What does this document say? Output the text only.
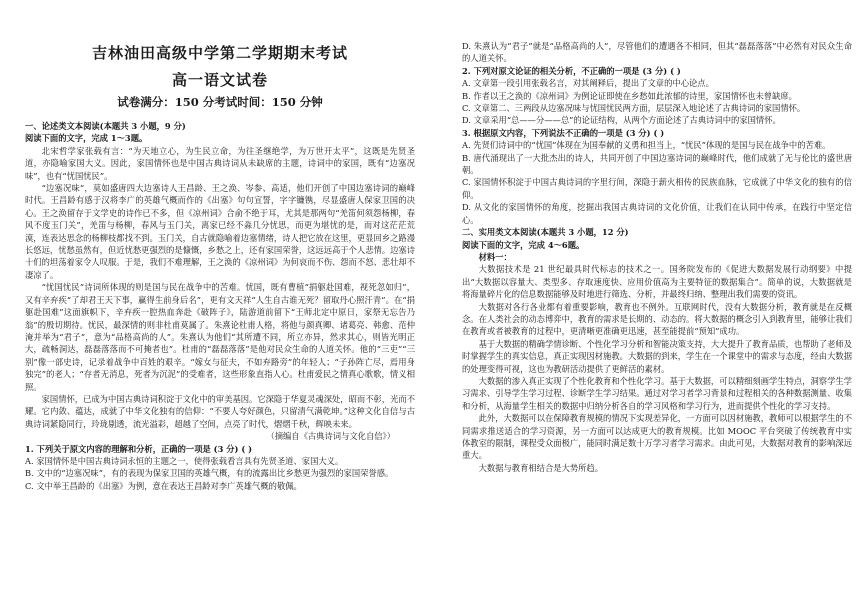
吉林油田高级中学第二学期期末考试
高一语文试卷
试卷满分：150 分考试时间：150 分钟
一、论述类文本阅读(本题共 3 小题，9 分)
阅读下面的文字，完成 1～3题。

北宋哲学家张载有言：“为天地立心，为生民立命，为往圣继绝学，为万世开太平”，这既是先贤圣道，亦隐喻家国大义。因此，家国情怀也是中国古典诗词从未缺席的主题，诗词中的家国，既有“边塞况味”，也有“忧国忧民”。

“边塞况味”，莫如盛唐四大边塞诗人王昌龄、王之涣、岑参、高适，他们开创了中国边塞诗词的巅峰时代。王昌龄有感于汉将李广的英雄气概而作的《出塞》句句宣誓，字字镰镌，尽显盛唐人保家卫国的决心。王之涣留存于文学史的诗作已不多，但《凉州词》合俞不绝于耳，尤其是那两句“羌笛何须怨杨柳，春风不度玉门关”，羌笛与杨柳，春风与玉门关，离家已经不淼几分忧思，而更为堪忧的是，而对这茫茫荒漠，连表达思念的杨柳枝都找不到。玉门关，自古就隐喻着边塞情绪，诗人把它放在这里，更显回乡之路漫长悠远，忧愁虽然有，但近忧愁更强烈的是慷慨，乡愁之上，还有家国荣誉，这远远高于个人悲情。边塞诗十们的坦荡着家令人叹服。于是，我们不难理解，王之涣的《凉州词》为何哀而不伤、怨而不怒、悲壮却不凄凉了。

“忧国忧民”诗词所体现的则是国与民在战争中的苦难。忧国，既有曹植“捐躯赴国难，视死忽如归”，又有辛弃疾“了却君王天下事，赢得生前身后名”，更有文天祥“人生自古谁无死？留取丹心照汗青”。在“捐躯赴国难”这面旗帜下，辛弃疾一腔热血奔赴《破阵子》，陆游道前留下“王师北定中原日，家祭无忘告乃翁”的殷切期待。忧民，最深情的则非杜甫莫属了。朱熹论杜甫人格，将他与颜真卿、诸葛亮、韩愈、范仲淹并举为“君子”，意为“品格高尚的人”。朱熹认为他们“其所遭不同，所立亦异，然求其心，则皆光明正大，疏畅洞达，磊磊落落而不可掩者也”。杜甫的“磊磊落落”是他对民众生命的人道关怀。他的“三吏”“三别”像一部史诗，记录着战争中百姓的艰辛。“嫁女与征夫，不如弃路旁”的年轻人；“子孙阵亡尽，焉用身独完”的老人；“存者无消息，死者为沉泥”的受难者，这些形象直指人心。杜甫爱民之情真心歌歌，情义相照。

家国情怀，已成为中国古典诗词积淀于文化中的审美基因。它深隐于华夏灵魂深处，昭而不彰，光而不耀。它内敛、蕴达，成就了中华文化独有的信仰：“不要人夸好颜色，只留清气满乾坤。”这种文化自信与古典诗词紧隐同行，玲珑剔透，流光溢彩，超越了空间，点亮了时代，熠熠千秋，辉映未来。

（摘编自《古典诗词与文化自信》）
1. 下列关于原文内容的理解和分析，正确的一项是 (3 分) ( )
A. 家国情怀是中国古典诗词永恒的主题之一，使得张载看言具有先贤圣道、家国大义。
B. 文中的“边塞况味”，有的表现为保家卫国的英雄气概，有的流露出比乡愁更为强烈的家国荣誉感。
C. 文中举王昌龄的《出塞》为例，意在表达王昌龄对李广英雄气概的敬佩。
D. 朱熹认为“君子”就是“品格高尚的人”，尽管他们的遭遇各不相同，但其“磊磊落落”中必然有对民众生命的人道关怀。
2. 下列对原文论证的相关分析，不正确的一项是 (3 分) ( )
A. 文章第一段引用张载名言，对其阐释后，提出了文章的中心论点。
B. 作者以王之涣的《凉州词》为例论证即使在乡愁如此浓郁的诗里，家国情怀也未曾缺席。
C. 文章第二、三两段从边塞况味与忧国忧民两方面，层层深入地论述了古典诗词的家国情怀。
D. 文章采用“总——分——总”的论证结构，从两个方面论述了古典诗词中的家国情怀。
3. 根据原文内容，下列说法不正确的一项是 (3 分) ( )
A. 先贤们诗词中的“忧国”体现在为国奉献的义勇和担当上，“忧民”体现的是国与民在战争中的苦难。
B. 唐代涌现出了一大批杰出的诗人，共同开创了中国边塞诗词的巅峰时代，他们成就了无与伦比的盛世唐朝。
C. 家国情怀积淀于中国古典诗词的字里行间，深隐于薪火相传的民族血脉，它成就了中华文化的独有的信仰。
D. 从文化的家国情怀的角度，挖掘出我国古典诗词的文化价值，让我们在认同中传承，在践行中坚定信心。
二、实用类文本阅读(本题共 3 小题，12 分)
阅读下面的文字，完成 4～6题。
材料一：

大数据技术是 21 世纪最具时代标志的技术之一。国务院发布的《促进大数据发展行动纲要》中提出“大数据以容量大、类型多、存取速度快、应用价值高为主要特征的数据集合”。简单的说，大数据就是将海量碎片化的信息数据能够及时地进行筛选、分析，并最终归纳、整理出我们需要的资讯。

大数据对各行各业都有着重要影响，教育也不例外。互联网时代，没有大数据分析，教育就是在反概念。在人类社会的动态博弈中，教育的需求是长期的、动态的。将大数据的概念引入到教育里，能够让我们在教育或者被教育的过程中，更清晰更准确更迅速，甚至能提前“预知”成功。

基于大数据的精确学情诊断、个性化学习分析和智能决策支持，大大提升了教育品质，也帮助了老师及时掌握学生的真实信息，真正实现因材施教。大数据的到来，学生在一个课堂中的需求与态度，经由大数据的处理变得可视，这也为教研活动提供了更鲜活的素材。

大数据的渗入真正实现了个性化教育和个性化学习。基于大数据，可以精细刻画学生特点，洞察学生学习需求、引导学生学习过程、诊断学生学习结果。通过对学习者学习背景和过程相关的各种数据测量、收集和分析，从海量学生相关的数据中归纳分析各自的学习风格和学习行为，进而提供个性化的学习支持。

此外，大数据可以在保障教育规模的情况下实现差异化，一方面可以因材施教，教师可以根据学生的不同需求推送适合的学习资源，另一方面可以达成更大的教育规模。比如 MOOC 平台突破了传统教育中实体教室的限制，课程受众面极广，能同时满足数十万学习者学习需求。由此可见，大数据对教育的影响深远重大。

大数据与教育相结合是大势所趋。
